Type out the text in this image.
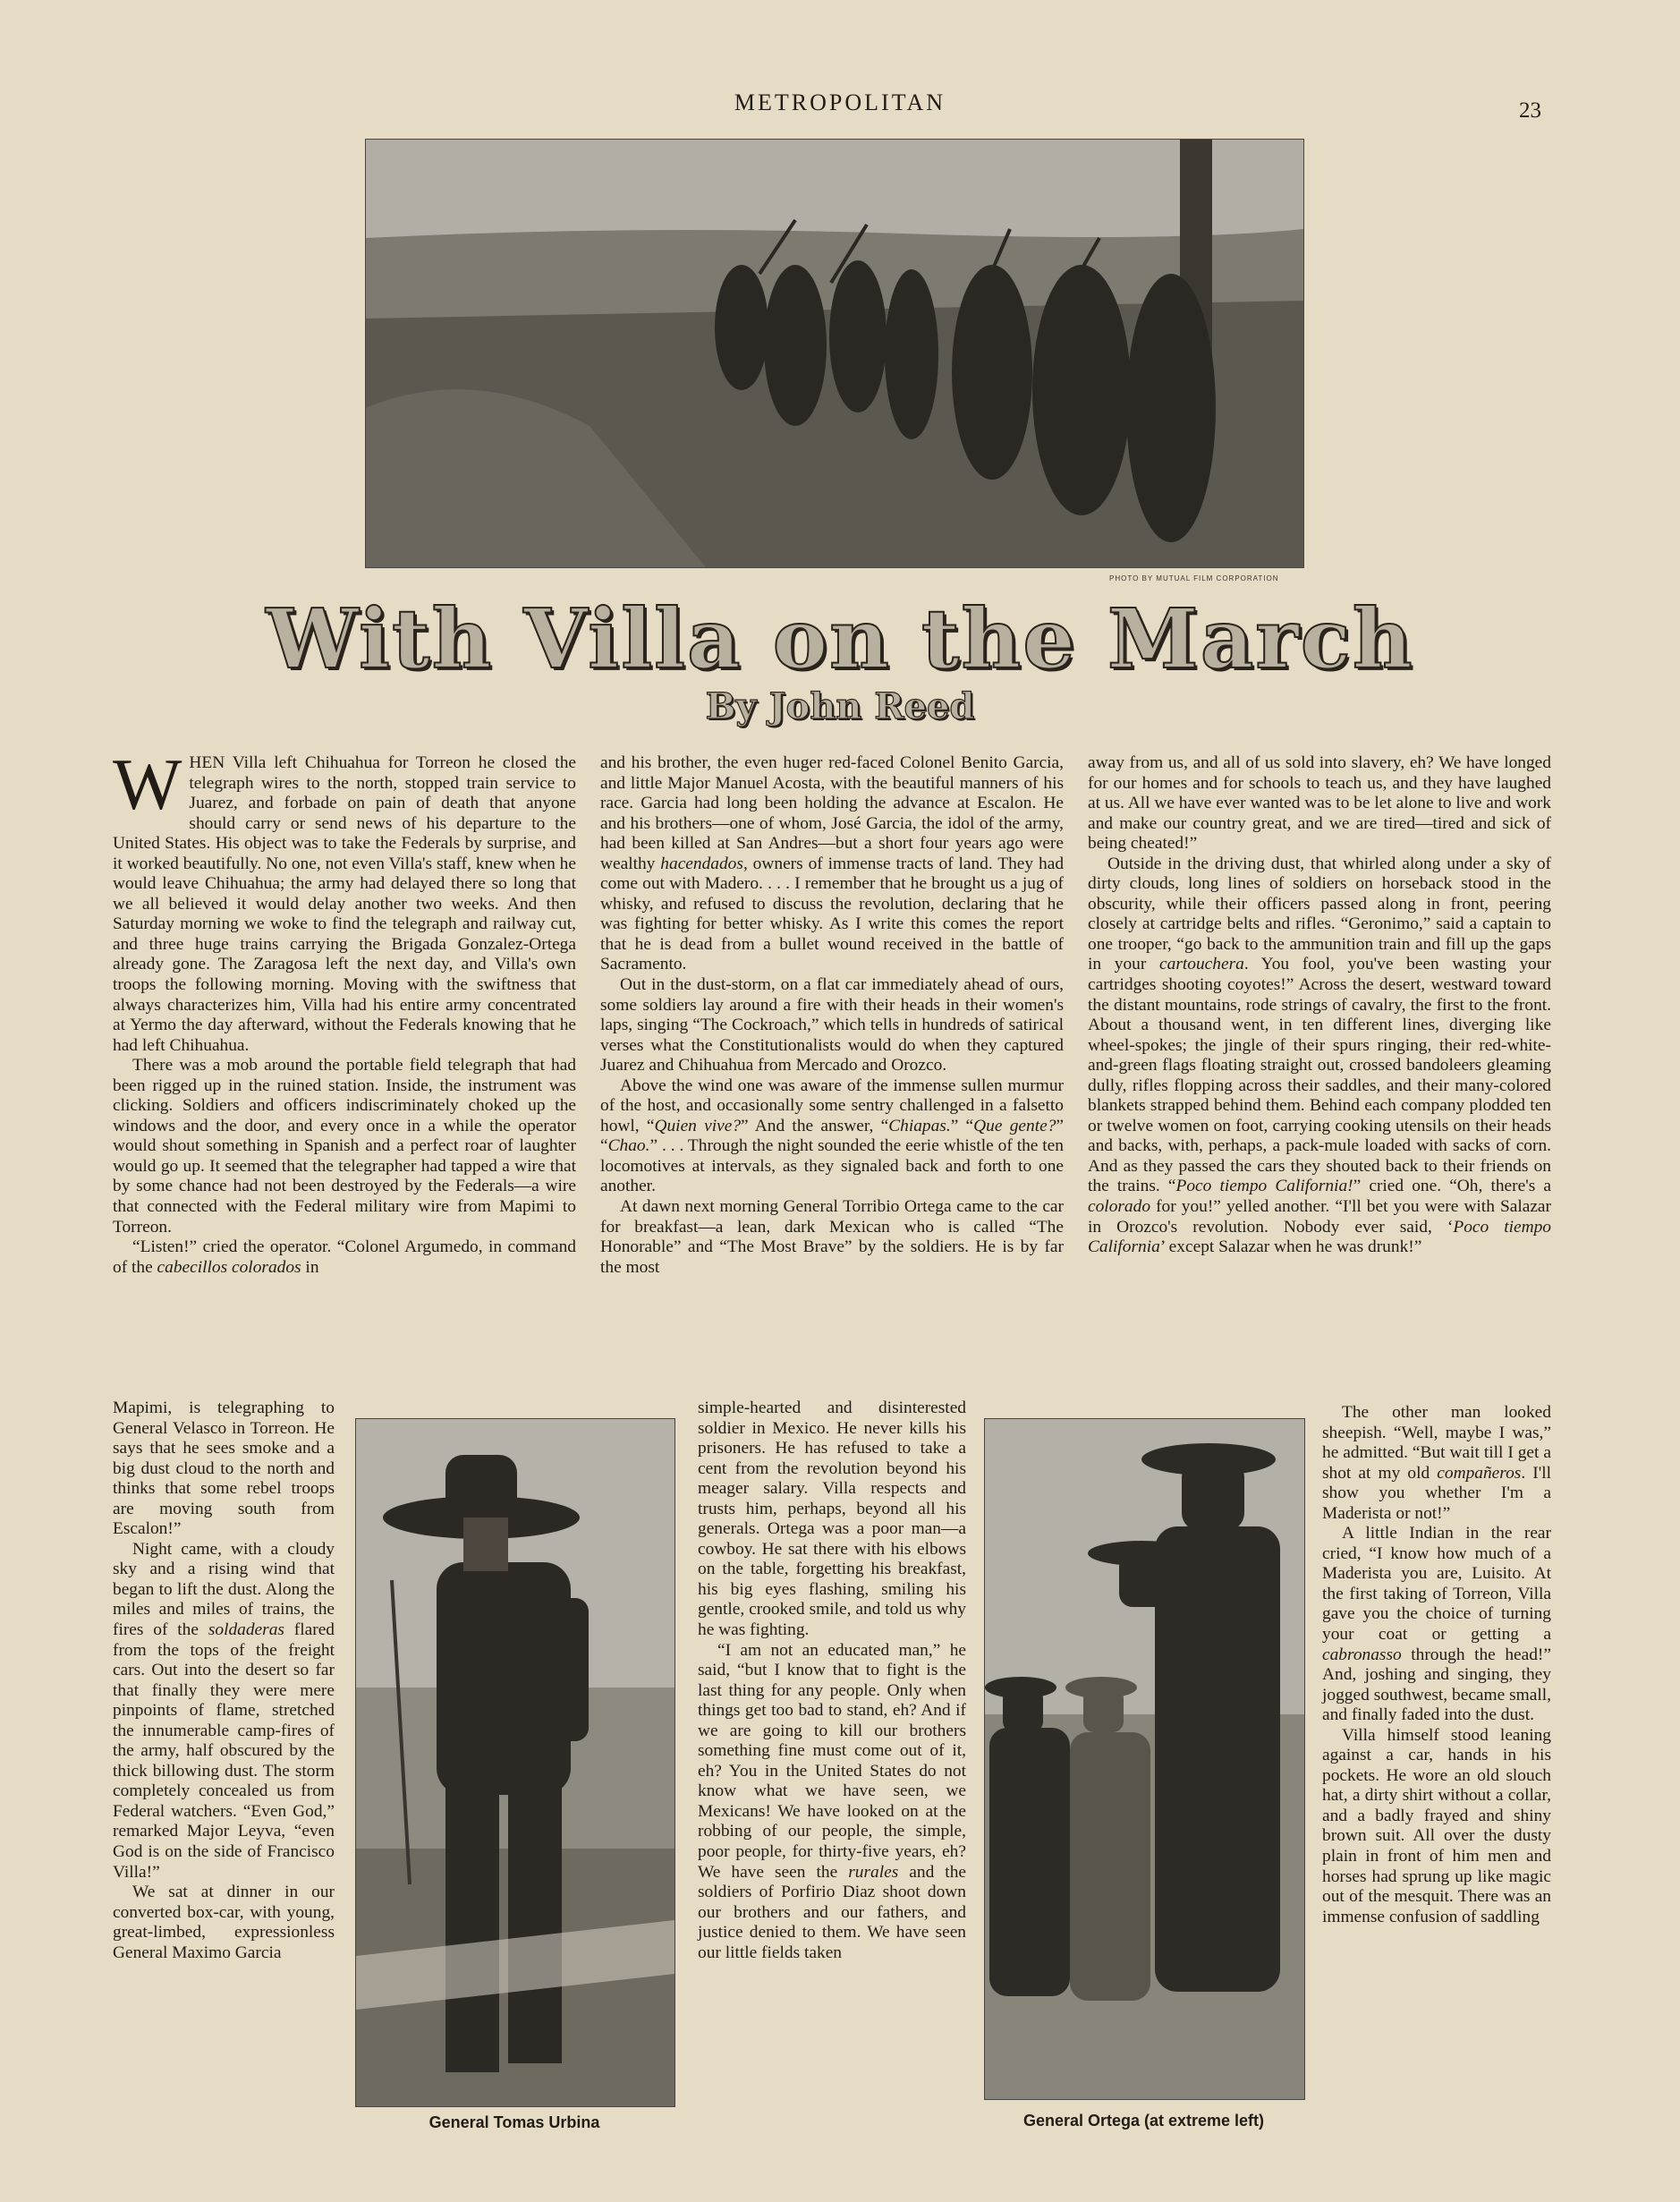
METROPOLITAN	23
PHOTO BY MUTUAL FILM CORPORATION
With Villa on the March
By John Reed

WHEN Villa left Chihuahua for Torreon he closed the telegraph wires to the north, stopped train service to Juarez, and forbade on pain of death that anyone should carry or send news of his departure to the United States. His object was to take the Federals by surprise, and it worked beautifully. No one, not even Villa's staff, knew when he would leave Chihuahua; the army had delayed there so long that we all believed it would delay another two weeks. And then Saturday morning we woke to find the telegraph and railway cut, and three huge trains carrying the Brigada Gonzalez-Ortega already gone. The Zaragosa left the next day, and Villa's own troops the following morning. Moving with the swiftness that always characterizes him, Villa had his entire army concentrated at Yermo the day afterward, without the Federals knowing that he had left Chihuahua.

There was a mob around the portable field telegraph that had been rigged up in the ruined station. Inside, the instrument was clicking. Soldiers and officers indiscriminately choked up the windows and the door, and every once in a while the operator would shout something in Spanish and a perfect roar of laughter would go up. It seemed that the telegrapher had tapped a wire that by some chance had not been destroyed by the Federals—a wire that connected with the Federal military wire from Mapimi to Torreon.

“Listen!” cried the operator. “Colonel Argumedo, in command of the cabecillos colorados in

Mapimi, is telegraphing to General Velasco in Torreon. He says that he sees smoke and a big dust cloud to the north and thinks that some rebel troops are moving south from Escalon!”

Night came, with a cloudy sky and a rising wind that began to lift the dust. Along the miles and miles of trains, the fires of the soldaderas flared from the tops of the freight cars. Out into the desert so far that finally they were mere pinpoints of flame, stretched the innumerable camp-fires of the army, half obscured by the thick billowing dust. The storm completely concealed us from Federal watchers. “Even God,” remarked Major Leyva, “even God is on the side of Francisco Villa!”

We sat at dinner in our converted box-car, with young, great-limbed, expressionless General Maximo Garcia

General Tomas Urbina

and his brother, the even huger red-faced Colonel Benito Garcia, and little Major Manuel Acosta, with the beautiful manners of his race. Garcia had long been holding the advance at Escalon. He and his brothers—one of whom, José Garcia, the idol of the army, had been killed at San Andres—but a short four years ago were wealthy hacendados, owners of immense tracts of land. They had come out with Madero. . . . I remember that he brought us a jug of whisky, and refused to discuss the revolution, declaring that he was fighting for better whisky. As I write this comes the report that he is dead from a bullet wound received in the battle of Sacramento.

Out in the dust-storm, on a flat car immediately ahead of ours, some soldiers lay around a fire with their heads in their women's laps, singing “The Cockroach,” which tells in hundreds of satirical verses what the Constitutionalists would do when they captured Juarez and Chihuahua from Mercado and Orozco.

Above the wind one was aware of the immense sullen murmur of the host, and occasionally some sentry challenged in a falsetto howl, “Quien vive?” And the answer, “Chiapas.” “Que gente?” “Chao.” . . . Through the night sounded the eerie whistle of the ten locomotives at intervals, as they signaled back and forth to one another.

At dawn next morning General Torribio Ortega came to the car for breakfast—a lean, dark Mexican who is called “The Honorable” and “The Most Brave” by the soldiers. He is by far the most

simple-hearted and disinterested soldier in Mexico. He never kills his prisoners. He has refused to take a cent from the revolution beyond his meager salary. Villa respects and trusts him, perhaps, beyond all his generals. Ortega was a poor man—a cowboy. He sat there with his elbows on the table, forgetting his breakfast, his big eyes flashing, smiling his gentle, crooked smile, and told us why he was fighting.

“I am not an educated man,” he said, “but I know that to fight is the last thing for any people. Only when things get too bad to stand, eh? And if we are going to kill our brothers something fine must come out of it, eh? You in the United States do not know what we have seen, we Mexicans! We have looked on at the robbing of our people, the simple, poor people, for thirty-five years, eh? We have seen the rurales and the soldiers of Porfirio Diaz shoot down our brothers and our fathers, and justice denied to them. We have seen our little fields taken

General Ortega (at extreme left)

away from us, and all of us sold into slavery, eh? We have longed for our homes and for schools to teach us, and they have laughed at us. All we have ever wanted was to be let alone to live and work and make our country great, and we are tired—tired and sick of being cheated!”

Outside in the driving dust, that whirled along under a sky of dirty clouds, long lines of soldiers on horseback stood in the obscurity, while their officers passed along in front, peering closely at cartridge belts and rifles. “Geronimo,” said a captain to one trooper, “go back to the ammunition train and fill up the gaps in your cartouchera. You fool, you've been wasting your cartridges shooting coyotes!” Across the desert, westward toward the distant mountains, rode strings of cavalry, the first to the front. About a thousand went, in ten different lines, diverging like wheel-spokes; the jingle of their spurs ringing, their red-white-and-green flags floating straight out, crossed bandoleers gleaming dully, rifles flopping across their saddles, and their many-colored blankets strapped behind them. Behind each company plodded ten or twelve women on foot, carrying cooking utensils on their heads and backs, with, perhaps, a pack-mule loaded with sacks of corn. And as they passed the cars they shouted back to their friends on the trains. “Poco tiempo California!” cried one. “Oh, there's a colorado for you!” yelled another. “I'll bet you were with Salazar in Orozco's revolution. Nobody ever said, ‘Poco tiempo California’ except Salazar when he was drunk!”

The other man looked sheepish. “Well, maybe I was,” he admitted. “But wait till I get a shot at my old compañeros. I'll show you whether I'm a Maderista or not!”

A little Indian in the rear cried, “I know how much of a Maderista you are, Luisito. At the first taking of Torreon, Villa gave you the choice of turning your coat or getting a cabronasso through the head!” And, joshing and singing, they jogged southwest, became small, and finally faded into the dust.

Villa himself stood leaning against a car, hands in his pockets. He wore an old slouch hat, a dirty shirt without a collar, and a badly frayed and shiny brown suit. All over the dusty plain in front of him men and horses had sprung up like magic out of the mesquit. There was an immense confusion of saddling
